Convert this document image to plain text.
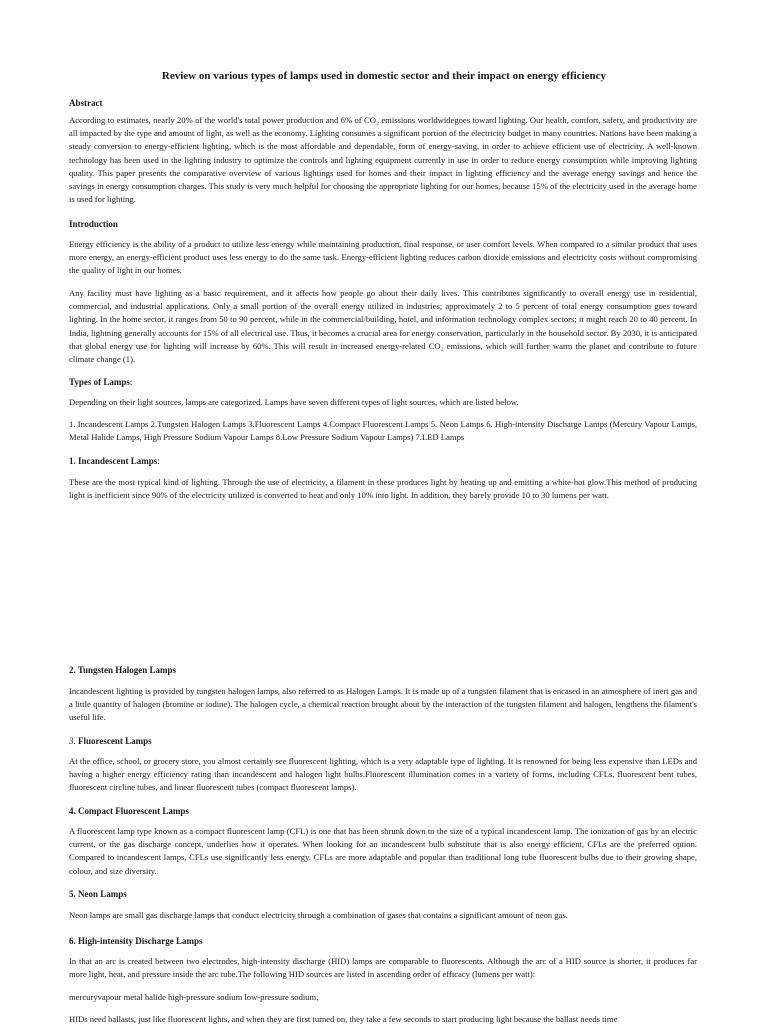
Review on various types of lamps used in domestic sector and their impact on energy efficiency
Abstract

According to estimates, nearly 20% of the world's total power production and 6% of CO₂ emissions worldwidegoes toward lighting. Our health, comfort, safety, and productivity are all impacted by the type and amount of light, as well as the economy. Lighting consumes a significant portion of the electricity budget in many countries. Nations have been making a steady conversion to energy-efficient lighting, which is the most affordable and dependable, form of energy-saving, in order to achieve efficient use of electricity. A well-known technology has been used in the lighting industry to optimize the controls and lighting equipment currently in use in order to reduce energy consumption while improving lighting quality. This paper presents the comparative overview of various lightings used for homes and their impact in lighting efficiency and the average energy savings and hence the savings in energy consumption charges. This study is very much helpful for choosing the appropriate lighting for our homes, because 15% of the electricity used in the average home is used for lighting.

Introduction

Energy efficiency is the ability of a product to utilize less energy while maintaining production, final response, or user comfort levels. When compared to a similar product that uses more energy, an energy-efficient product uses less energy to do the same task. Energy-efficient lighting reduces carbon dioxide emissions and electricity costs without compromising the quality of light in our homes.

Any facility must have lighting as a basic requirement, and it affects how people go about their daily lives. This contributes significantly to overall energy use in residential, commercial, and industrial applications. Only a small portion of the overall energy utilized in industries; approximately 2 to 5 percent of total energy consumption goes toward lighting. In the home sector, it ranges from 50 to 90 percent, while in the commercial/building, hotel, and information technology complex sectors; it might reach 20 to 40 percent. In India, lightning generally accounts for 15% of all electrical use. Thus, it becomes a crucial area for energy conservation, particularly in the household sector. By 2030, it is anticipated that global energy use for lighting will increase by 60%. This will result in increased energy-related CO₂ emissions, which will further warm the planet and contribute to future climate change (1).

Types of Lamps:

Depending on their light sources, lamps are categorized. Lamps have seven different types of light sources, which are listed below.

1. Incandescent Lamps 2.Tungsten Halogen Lamps 3.Fluorescent Lamps 4.Compact Fluorescent Lamps 5. Neon Lamps 6. High-intensity Discharge Lamps (Mercury Vapour Lamps, Metal Halide Lamps, High Pressure Sodium Vapour Lamps 8.Low Pressure Sodium Vapour Lamps) 7.LED Lamps

1. Incandescent Lamps:

These are the most typical kind of lighting. Through the use of electricity, a filament in these produces light by heating up and emitting a white-hot glow.This method of producing light is inefficient since 90% of the electricity utilized is converted to heat and only 10% into light. In addition, they barely provide 10 to 30 lumens per watt.

2. Tungsten Halogen Lamps

Incandescent lighting is provided by tungsten halogen lamps, also referred to as Halogen Lamps. It is made up of a tungsten filament that is encased in an atmosphere of inert gas and a little quantity of halogen (bromine or iodine). The halogen cycle, a chemical reaction brought about by the interaction of the tungsten filament and halogen, lengthens the filament's useful life.

3. Fluorescent Lamps

At the office, school, or grocery store, you almost certainly see fluorescent lighting, which is a very adaptable type of lighting. It is renowned for being less expensive than LEDs and having a higher energy efficiency rating than incandescent and halogen light bulbs.Fluorescent illumination comes in a variety of forms, including CFLs, fluorescent bent tubes, fluorescent circline tubes, and linear fluorescent tubes (compact fluorescent lamps).

4. Compact Fluorescent Lamps

A fluorescent lamp type known as a compact fluorescent lamp (CFL) is one that has been shrunk down to the size of a typical incandescent lamp. The ionization of gas by an electric current, or the gas discharge concept, underlies how it operates. When looking for an incandescent bulb substitute that is also energy efficient, CFLs are the preferred option. Compared to incandescent lamps, CFLs use significantly less energy. CFLs are more adaptable and popular than traditional long tube fluorescent bulbs due to their growing shape, colour, and size diversity.

5. Neon Lamps

Neon lamps are small gas discharge lamps that conduct electricity through a combination of gases that contains a significant amount of neon gas.

6. High-intensity Discharge Lamps

In that an arc is created between two electrodes, high-intensity discharge (HID) lamps are comparable to fluorescents. Although the arc of a HID source is shorter, it produces far more light, heat, and pressure inside the arc tube.The following HID sources are listed in ascending order of efficacy (lumens per watt):

mercuryvapour metal halide high-pressure sodium low-pressure sodium,

HIDs need ballasts, just like fluorescent lights, and when they are first turned on, they take a few seconds to start producing light because the ballast needs time
